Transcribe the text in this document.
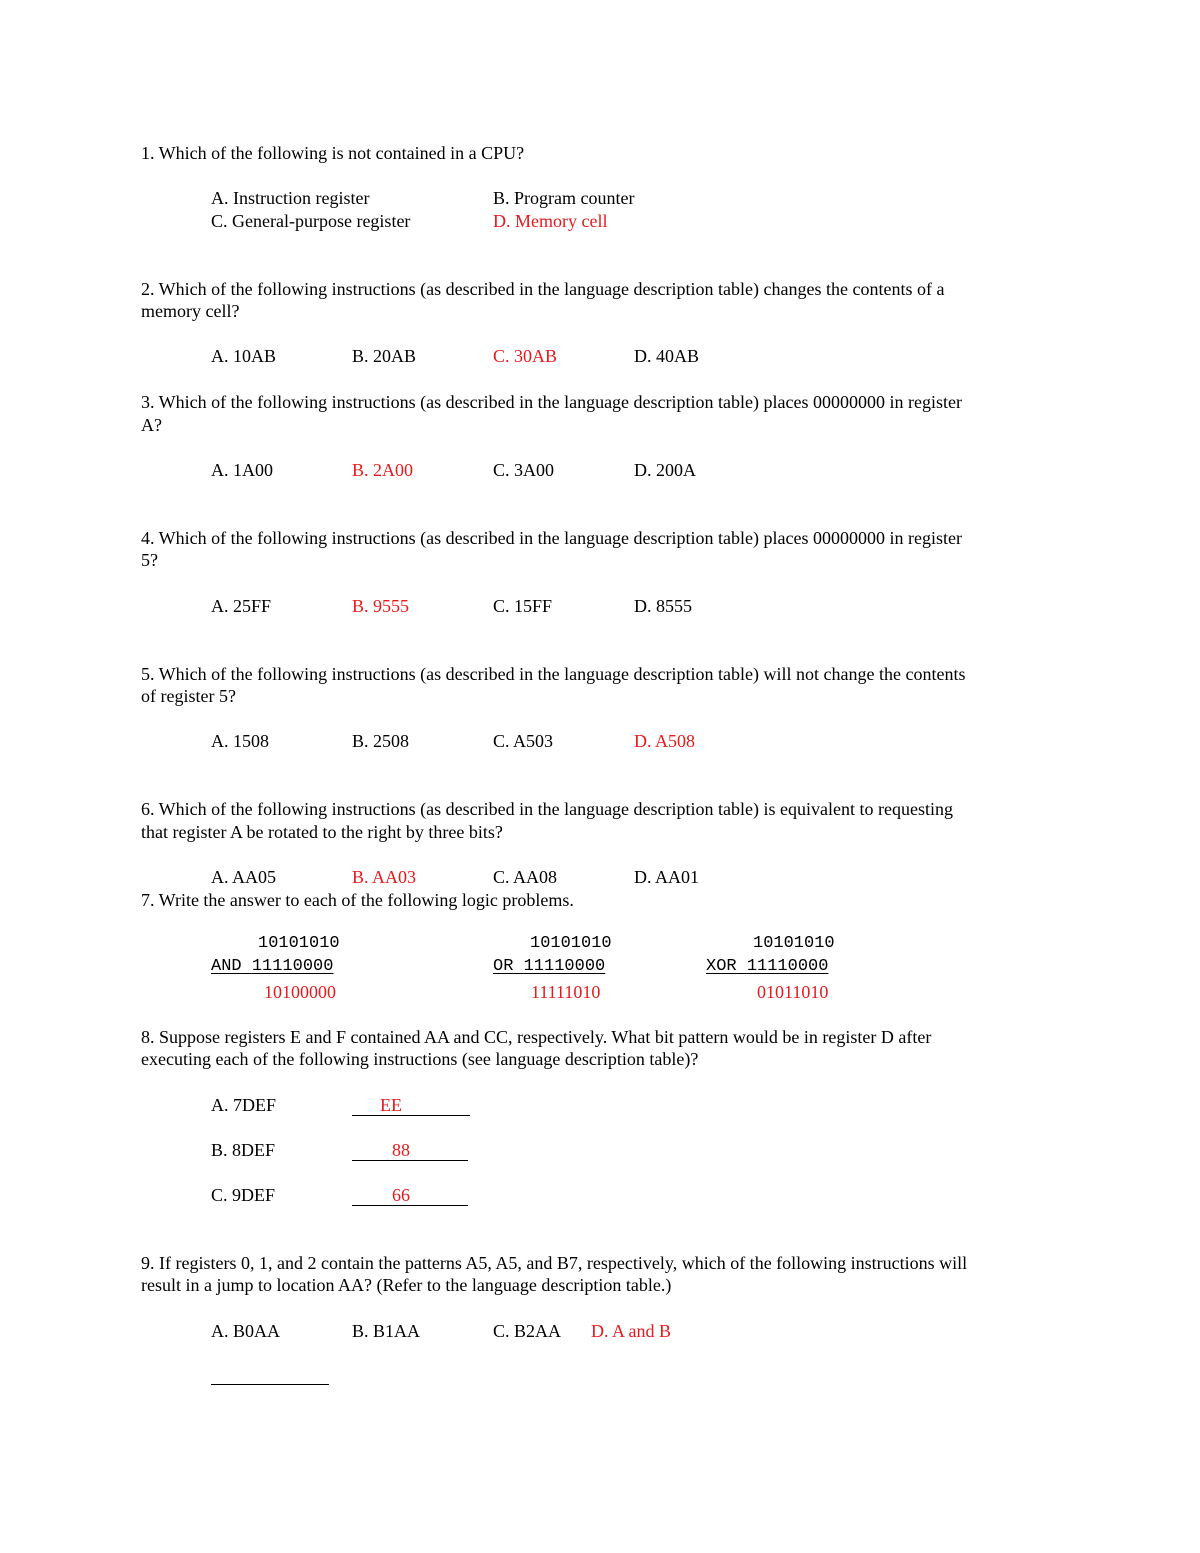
1. Which of the following is not contained in a CPU?
A. Instruction register	B. Program counter
C. General-purpose register	D. Memory cell
2. Which of the following instructions (as described in the language description table) changes the contents of a
memory cell?
A. 10AB	B. 20AB	C. 30AB	D. 40AB
3. Which of the following instructions (as described in the language description table) places 00000000 in register
A?
A. 1A00	B. 2A00	C. 3A00	D. 200A
4. Which of the following instructions (as described in the language description table) places 00000000 in register
5?
A. 25FF	B. 9555	C. 15FF	D. 8555
5. Which of the following instructions (as described in the language description table) will not change the contents
of register 5?
A. 1508	B. 2508	C. A503	D. A508
6. Which of the following instructions (as described in the language description table) is equivalent to requesting
that register A be rotated to the right by three bits?
A. AA05	B. AA03	C. AA08	D. AA01
7. Write the answer to each of the following logic problems.
10101010
AND 11110000
10100000
10101010
OR 11110000
11111010
10101010
XOR 11110000
01011010
8. Suppose registers E and F contained AA and CC, respectively. What bit pattern would be in register D after
executing each of the following instructions (see language description table)?
A. 7DEF	EE
B. 8DEF	88
C. 9DEF	66
9. If registers 0, 1, and 2 contain the patterns A5, A5, and B7, respectively, which of the following instructions will
result in a jump to location AA? (Refer to the language description table.)
A. B0AA	B. B1AA	C. B2AA D. A and B
